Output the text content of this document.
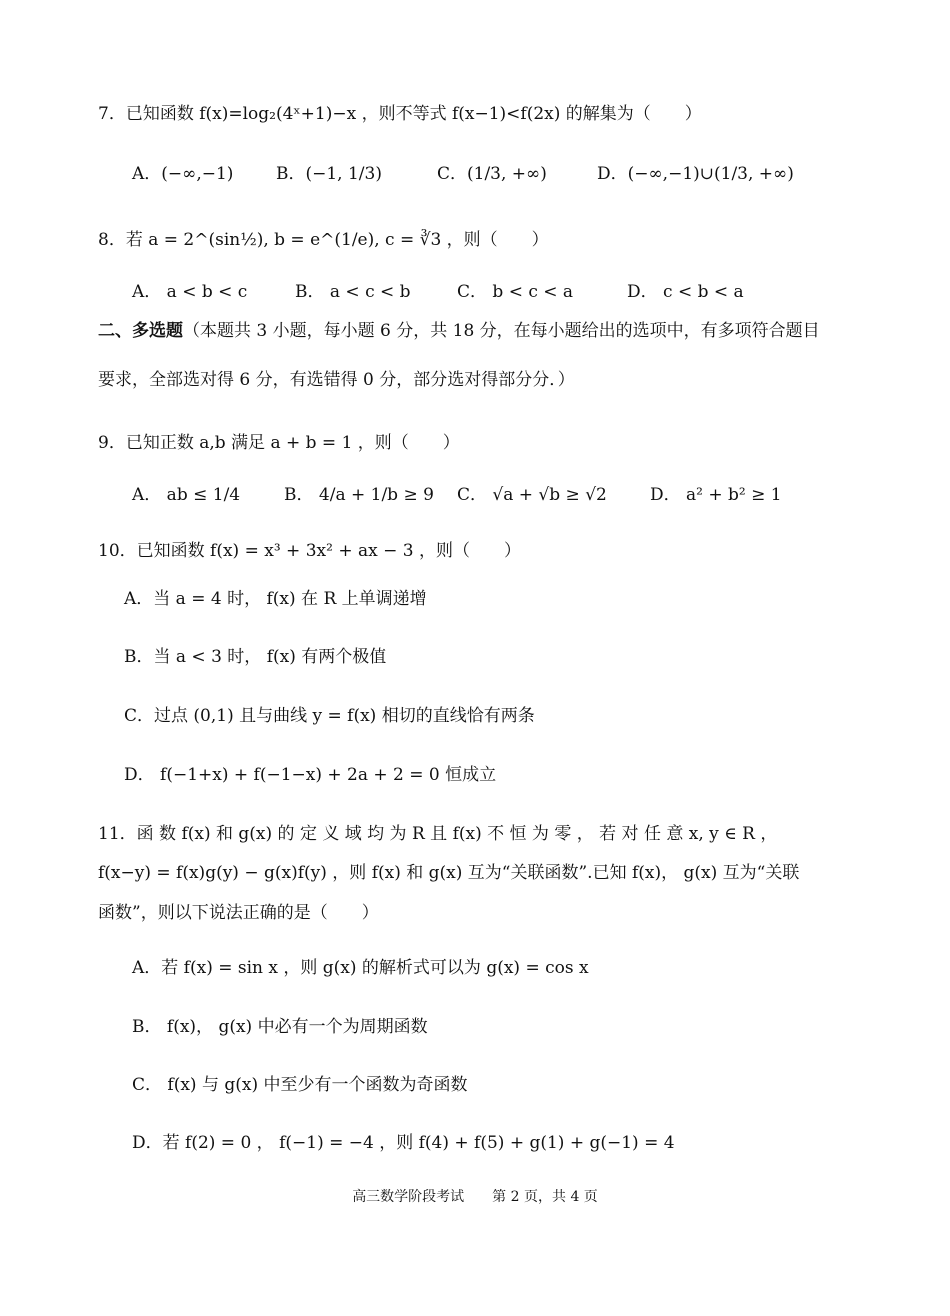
7．已知函数 f(x)=log₂(4ˣ+1)−x ，则不等式 f(x−1)<f(2x) 的解集为（　　）
A．(−∞,−1)	B．(−1, 1/3)	C．(1/3, +∞)	D．(−∞,−1)∪(1/3, +∞)
8．若 a = 2^(sin½), b = e^(1/e), c = ∛3 ，则（　　）
A． a < b < c	B． a < c < b	C． b < c < a	D． c < b < a
二、多选题（本题共 3 小题，每小题 6 分，共 18 分，在每小题给出的选项中，有多项符合题目
要求，全部选对得 6 分，有选错得 0 分，部分选对得部分分．）
9．已知正数 a,b 满足 a + b = 1 ，则（　　）
A． ab ≤ 1/4	B． 4/a + 1/b ≥ 9 C． √a + √b ≥ √2	D． a² + b² ≥ 1
10．已知函数 f(x) = x³ + 3x² + ax − 3 ，则（　　）
A．当 a = 4 时， f(x) 在 R 上单调递增
B．当 a < 3 时， f(x) 有两个极值
C．过点 (0,1) 且与曲线 y = f(x) 相切的直线恰有两条
D． f(−1+x) + f(−1−x) + 2a + 2 = 0 恒成立
11．函 数 f(x) 和 g(x) 的 定 义 域 均 为 R 且 f(x) 不 恒 为 零 ， 若 对 任 意 x, y ∈ R ，
f(x−y) = f(x)g(y) − g(x)f(y) ，则 f(x) 和 g(x) 互为“关联函数”.已知 f(x)， g(x) 互为“关联
函数”，则以下说法正确的是（　　）
A．若 f(x) = sin x ，则 g(x) 的解析式可以为 g(x) = cos x
B． f(x)， g(x) 中必有一个为周期函数
C． f(x) 与 g(x) 中至少有一个函数为奇函数
D．若 f(2) = 0 ， f(−1) = −4 ，则 f(4) + f(5) + g(1) + g(−1) = 4
高三数学阶段考试　　第 2 页，共 4 页
